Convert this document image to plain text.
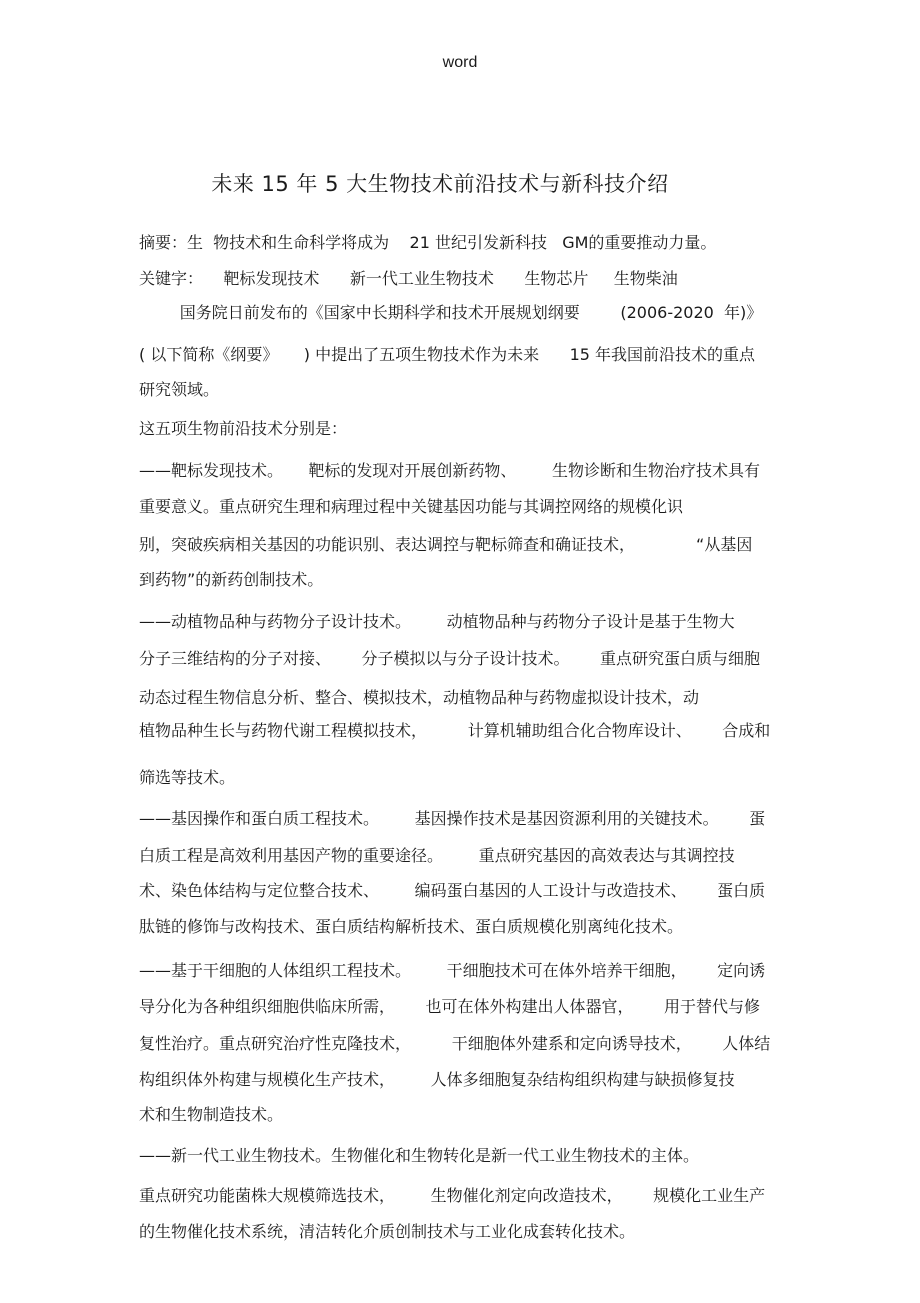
word
未来 15 年 5 大生物技术前沿技术与新科技介绍
摘要：生  物技术和生命科学将成为    21 世纪引发新科技   GM的重要推动力量。
关键字：    靶标发现技术      新一代工业生物技术      生物芯片     生物柴油
国务院日前发布的《国家中长期科学和技术开展规划纲要        (2006-2020  年)》
( 以下简称《纲要》     ) 中提出了五项生物技术作为未来      15 年我国前沿技术的重点
研究领域。
这五项生物前沿技术分别是：
——靶标发现技术。     靶标的发现对开展创新药物、       生物诊断和生物治疗技术具有
重要意义。重点研究生理和病理过程中关键基因功能与其调控网络的规模化识
别，突破疾病相关基因的功能识别、表达调控与靶标筛查和确证技术，            “从基因
到药物”的新药创制技术。
——动植物品种与药物分子设计技术。       动植物品种与药物分子设计是基于生物大
分子三维结构的分子对接、      分子模拟以与分子设计技术。      重点研究蛋白质与细胞
动态过程生物信息分析、整合、模拟技术，动植物品种与药物虚拟设计技术，动
植物品种生长与药物代谢工程模拟技术，        计算机辅助组合化合物库设计、      合成和
筛选等技术。
——基因操作和蛋白质工程技术。       基因操作技术是基因资源利用的关键技术。      蛋
白质工程是高效利用基因产物的重要途径。       重点研究基因的高效表达与其调控技
术、染色体结构与定位整合技术、       编码蛋白基因的人工设计与改造技术、      蛋白质
肽链的修饰与改构技术、蛋白质结构解析技术、蛋白质规模化别离纯化技术。
——基于干细胞的人体组织工程技术。       干细胞技术可在体外培养干细胞，      定向诱
导分化为各种组织细胞供临床所需，      也可在体外构建出人体器官，      用于替代与修
复性治疗。重点研究治疗性克隆技术，        干细胞体外建系和定向诱导技术，      人体结
构组织体外构建与规模化生产技术，       人体多细胞复杂结构组织构建与缺损修复技
术和生物制造技术。
——新一代工业生物技术。生物催化和生物转化是新一代工业生物技术的主体。
重点研究功能菌株大规模筛选技术，       生物催化剂定向改造技术，      规模化工业生产
的生物催化技术系统，清洁转化介质创制技术与工业化成套转化技术。
